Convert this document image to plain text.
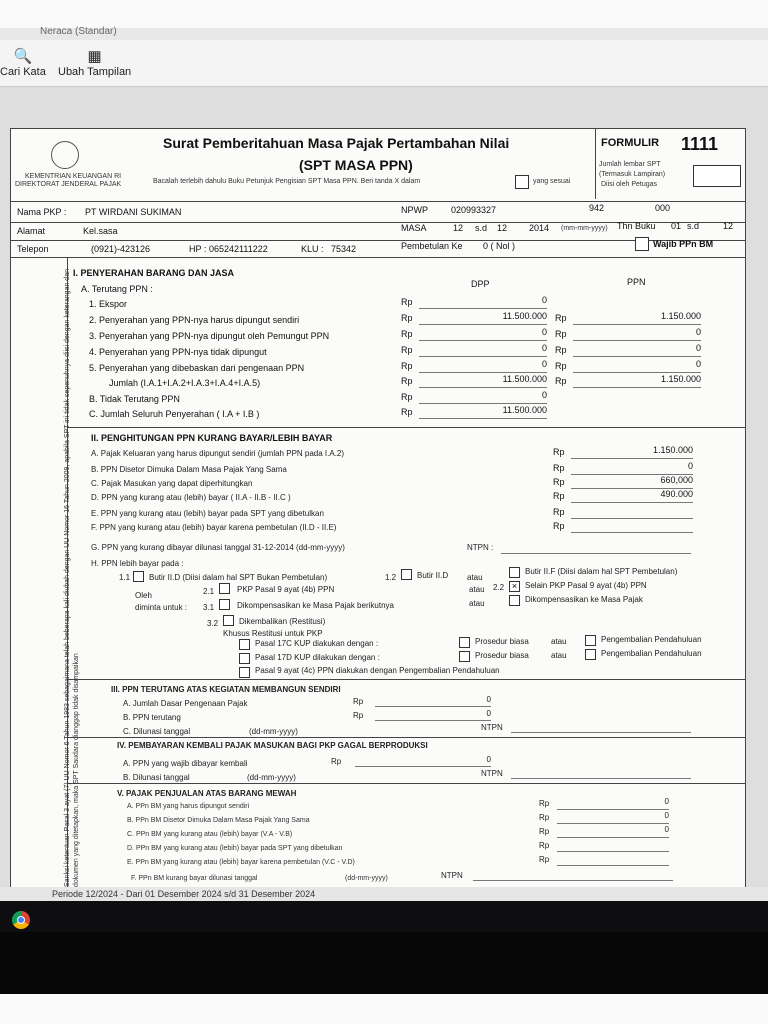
Neraca (Standar)
🔍
Cari Kata
▦
Ubah Tampilan
KEMENTRIAN KEUANGAN RI
DIREKTORAT JENDERAL PAJAK
Surat Pemberitahuan Masa Pajak Pertambahan Nilai
(SPT MASA PPN)
Bacalah terlebih dahulu Buku Petunjuk Pengisian SPT Masa PPN. Beri tanda X dalam	yang sesuai
FORMULIR 1111
Jumlah lembar SPT
(Termasuk Lampiran)
Diisi oleh Petugas
Nama PKP : PT WIRDANI SUKIMAN	NPWP	020993327	942	000
Alamat	Kel.sasa	MASA	12 s.d 12 2014 (mm-mm-yyyy) Thn Buku 01 s.d	12
Telepon	(0921)-423126	HP : 065242111222	KLU : 75342	Pembetulan Ke 0 ( Nol )	Wajib PPn BM
I. PENYERAHAN BARANG DAN JASA
DPP	PPN
A. Terutang PPN :
1. Ekspor	Rp	0
2. Penyerahan yang PPN-nya harus dipungut sendiri	Rp	11.500.000 Rp	1.150.000
3. Penyerahan yang PPN-nya dipungut oleh Pemungut PPN	Rp	0 Rp	0
4. Penyerahan yang PPN-nya tidak dipungut	Rp	0 Rp	0
5. Penyerahan yang dibebaskan dari pengenaan PPN	Rp	0 Rp	0
Jumlah (I.A.1+I.A.2+I.A.3+I.A.4+I.A.5)	Rp	11.500.000 Rp	1.150.000
B. Tidak Terutang PPN	Rp	0
C. Jumlah Seluruh Penyerahan ( I.A + I.B )	Rp	11.500.000
II. PENGHITUNGAN PPN KURANG BAYAR/LEBIH BAYAR
A. Pajak Keluaran yang harus dipungut sendiri (jumlah PPN pada I.A.2)	Rp	1.150.000
B. PPN Disetor Dimuka Dalam Masa Pajak Yang Sama	Rp	0
C. Pajak Masukan yang dapat diperhitungkan	Rp	660,000
D. PPN yang kurang atau (lebih) bayar ( II.A - II.B - II.C )	Rp	490.000
E. PPN yang kurang atau (lebih) bayar pada SPT yang dibetulkan	Rp
F. PPN yang kurang atau (lebih) bayar karena pembetulan (II.D - II.E)	Rp
G. PPN yang kurang dibayar dilunasi tanggal 31-12-2014 (dd-mm-yyyy)	NTPN :
H. PPN lebih bayar pada :
1.1 Butir II.D (Diisi dalam hal SPT Bukan Pembetulan)	1.2	Butir II.D atau
Butir II.F (Diisi dalam hal SPT Pembetulan)
Oleh	2.1	PKP Pasal 9 ayat (4b) PPN	atau 2.2 × Selain PKP Pasal 9 ayat (4b) PPN
diminta untuk : 3.1	Dikompensasikan ke Masa Pajak berikutnya	atau	Dikompensasikan ke Masa Pajak
3.2	Dikembalikan (Restitusi)
Khusus Restitusi untuk PKP
Pasal 17C KUP diakukan dengan :	Prosedur biasa	atau	Pengembalian Pendahuluan
Pasal 17D KUP dilakukan dengan :	Prosedur biasa	atau	Pengembalian Pendahuluan
Pasal 9 ayat (4c) PPN diakukan dengan Pengembalian Pendahuluan
III. PPN TERUTANG ATAS KEGIATAN MEMBANGUN SENDIRI
A. Jumlah Dasar Pengenaan Pajak	Rp	0
B. PPN terutang	Rp	0
C. Dilunasi tanggal	(dd-mm-yyyy)	NTPN
IV. PEMBAYARAN KEMBALI PAJAK MASUKAN BAGI PKP GAGAL BERPRODUKSI
A. PPN yang wajib dibayar kembali	Rp	0
B. Dilunasi tanggal	(dd-mm-yyyy)	NTPN
V. PAJAK PENJUALAN ATAS BARANG MEWAH
A. PPn BM yang harus dipungut sendiri	Rp	0
B. PPn BM Disetor Dimuka Dalam Masa Pajak Yang Sama	Rp	0
C. PPn BM yang kurang atau (lebih) bayar (V.A - V.B)	Rp	0
D. PPn BM yang kurang atau (lebih) bayar pada SPT yang dibetulkan	Rp
E. PPn BM yang kurang atau (lebih) bayar karena pembetulan (V.C - V.D)	Rp
F. PPn BM kurang bayar dilunasi tanggal	(dd-mm-yyyy)	NTPN
Sanksi ketentuan Pasal 3 ayat (7) UU Nomor 6 Tahun 1983 sebagaimana telah beberapa kali diubah dengan UU Nomor 16 Tahun 2009, apabila SPT ini tidak sepenuhnya diisi dengan keterangan dan dokumen yang ditetapkan, maka SPT Saudara dianggap tidak disampaikan
Periode 12/2024 - Dari 01 Desember 2024 s/d 31 Desember 2024
